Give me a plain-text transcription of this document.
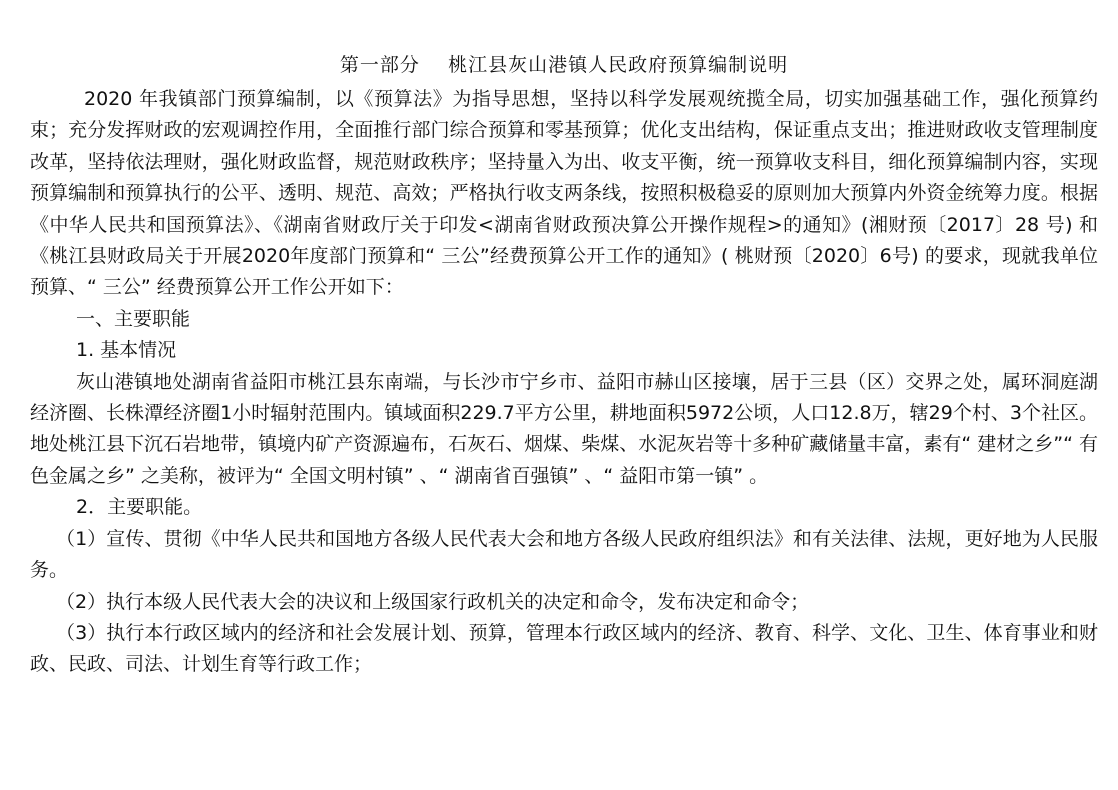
第一部分    桃江县灰山港镇人民政府预算编制说明

2020 年我镇部门预算编制，以《预算法》为指导思想，坚持以科学发展观统揽全局，切实加强基础工作，强化预算约束；充分发挥财政的宏观调控作用，全面推行部门综合预算和零基预算；优化支出结构，保证重点支出；推进财政收支管理制度改革，坚持依法理财，强化财政监督，规范财政秩序；坚持量入为出、收支平衡，统一预算收支科目，细化预算编制内容，实现预算编制和预算执行的公平、透明、规范、高效；严格执行收支两条线，按照积极稳妥的原则加大预算内外资金统筹力度。根据《中华人民共和国预算法》、《湖南省财政厅关于印发<湖南省财政预决算公开操作规程>的通知》(湘财预〔2017〕28 号) 和《桃江县财政局关于开展2020年度部门预算和“ 三公”经费预算公开工作的通知》( 桃财预〔2020〕6号) 的要求，现就我单位预算、“ 三公” 经费预算公开工作公开如下：

一、主要职能

1. 基本情况

灰山港镇地处湖南省益阳市桃江县东南端，与长沙市宁乡市、益阳市赫山区接壤，居于三县（区）交界之处，属环洞庭湖经济圈、长株潭经济圈1小时辐射范围内。镇域面积229.7平方公里，耕地面积5972公顷，人口12.8万，辖29个村、3个社区。地处桃江县下沉石岩地带，镇境内矿产资源遍布，石灰石、烟煤、柴煤、水泥灰岩等十多种矿藏储量丰富，素有“ 建材之乡”“ 有色金属之乡” 之美称，被评为“ 全国文明村镇” 、“ 湖南省百强镇” 、“ 益阳市第一镇” 。

2．主要职能。

（1）宣传、贯彻《中华人民共和国地方各级人民代表大会和地方各级人民政府组织法》和有关法律、法规，更好地为人民服务。

（2）执行本级人民代表大会的决议和上级国家行政机关的决定和命令，发布决定和命令；

（3）执行本行政区域内的经济和社会发展计划、预算，管理本行政区域内的经济、教育、科学、文化、卫生、体育事业和财政、民政、司法、计划生育等行政工作；
